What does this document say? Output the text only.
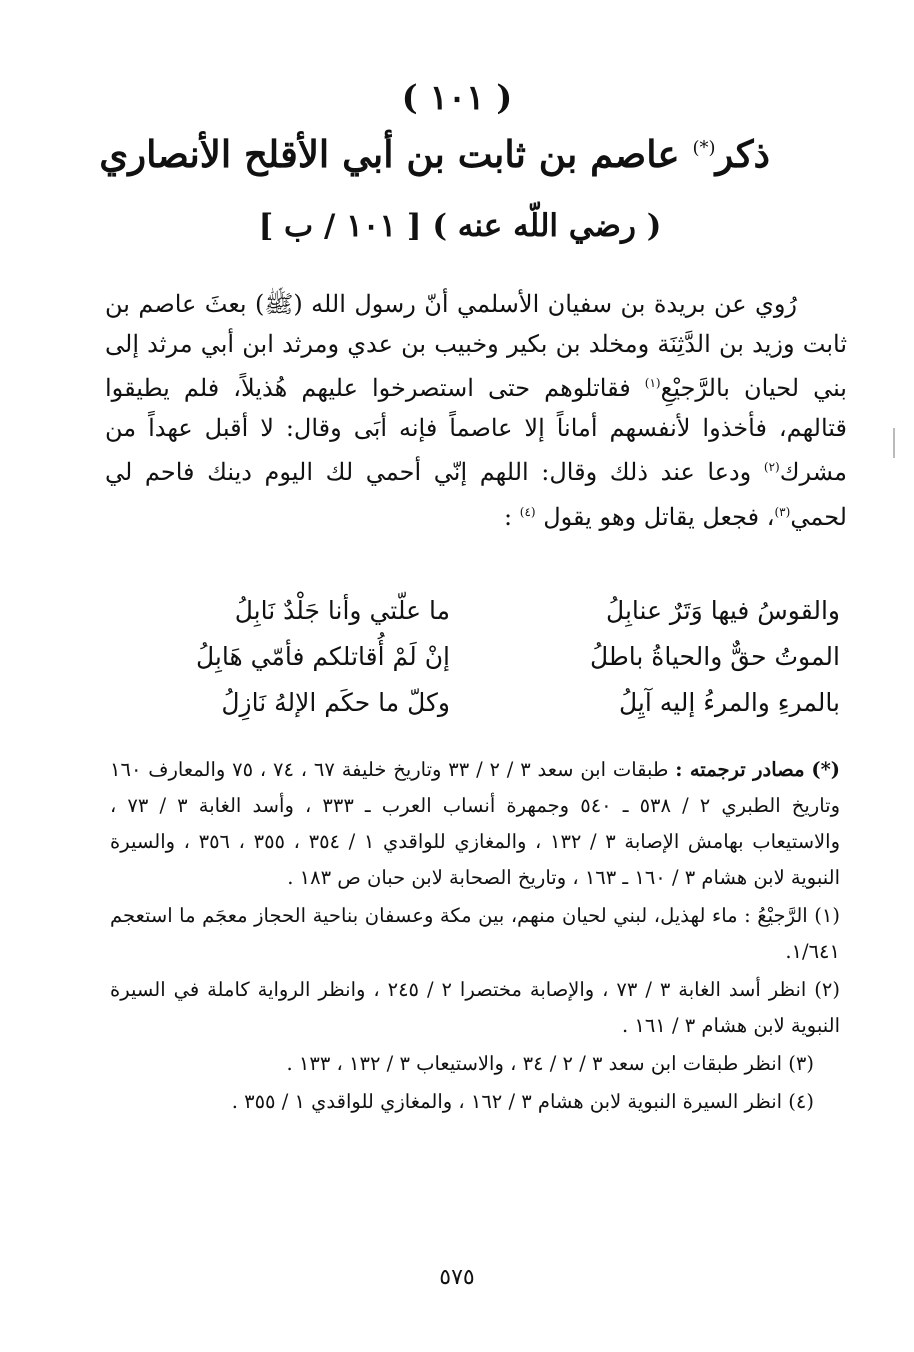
( ١٠١ )
ذكر(*) عاصم بن ثابت بن أبي الأقلح الأنصاري
( رضي اللّه عنه ) [ ١٠١ / ب ]

رُوي عن بريدة بن سفيان الأسلمي أنّ رسول الله (ﷺ) بعثَ عاصم بن ثابت وزيد بن الدَّثِنَة ومخلد بن بكير وخبيب بن عدي ومرثد ابن أبي مرثد إلى بني لحيان بالرَّجيْعِ$^{(١)}$ فقاتلوهم حتى استصرخوا عليهم هُذيلاً، فلم يطيقوا قتالهم، فأخذوا لأنفسهم أماناً إلا عاصماً فإنه أبَى وقال: لا أقبل عهداً من مشرك$^{(٢)}$ ودعا عند ذلك وقال: اللهم إنّي أحمي لك اليوم دينك فاحم لي لحمي$^{(٣)}$، فجعل يقاتل وهو يقول $^{(٤)}$ :

ما علّتي وأنا جَلْدٌ نَابِلُ	والقوسُ فيها وَتَرٌ عنابِلُ
إنْ لَمْ أُقاتلكم فأمّي هَابِلُ	الموتُ حقٌّ والحياةُ باطلُ
وكلّ ما حكَم الإلهُ نَازِلُ	بالمرءِ والمرءُ إليه آيِلُ

(*) مصادر ترجمته : طبقات ابن سعد ٣ / ٢ / ٣٣ وتاريخ خليفة ٦٧ ، ٧٤ ، ٧٥ والمعارف ١٦٠ وتاريخ الطبري ٢ / ٥٣٨ ـ ٥٤٠ وجمهرة أنساب العرب ـ ٣٣٣ ، وأسد الغابة ٣ / ٧٣ ، والاستيعاب بهامش الإصابة ٣ / ١٣٢ ، والمغازي للواقدي ١ / ٣٥٤ ، ٣٥٥ ، ٣٥٦ ، والسيرة النبوية لابن هشام ٣ / ١٦٠ ـ ١٦٣ ، وتاريخ الصحابة لابن حبان ص ١٨٣ .

(١) الرَّجيْعُ : ماء لهذيل، لبني لحيان منهم، بين مكة وعسفان بناحية الحجاز معجَم ما استعجم ١/٦٤١.

(٢) انظر أسد الغابة ٣ / ٧٣ ، والإصابة مختصرا ٢ / ٢٤٥ ، وانظر الرواية كاملة في السيرة النبوية لابن هشام ٣ / ١٦١ .

(٣) انظر طبقات ابن سعد ٣ / ٢ / ٣٤ ، والاستيعاب ٣ / ١٣٢ ، ١٣٣ .

(٤) انظر السيرة النبوية لابن هشام ٣ / ١٦٢ ، والمغازي للواقدي ١ / ٣٥٥ .

٥٧٥
